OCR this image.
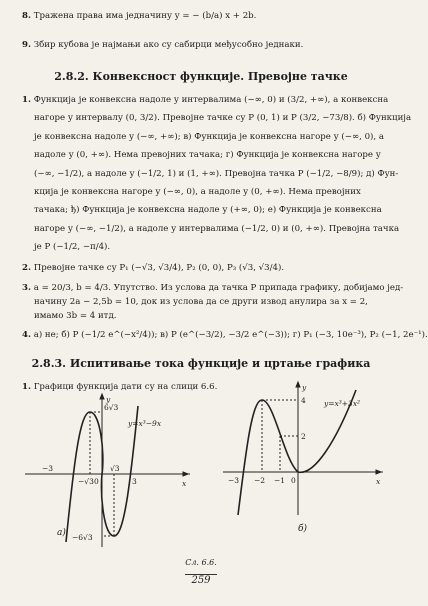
8. Тражена права има једначину y = − (b/a) x + 2b.
9. Збир кубова је најмањи ако су сабирци међусобно једнаки.
2.8.2. Конвексност функције. Превојне тачке
1. Функција је конвексна надоле у интервалима (−∞, 0) и (3/2, +∞), а конвексна
нагоре у интервалу (0, 3/2). Превојне тачке су P (0, 1) и P (3/2, −73/8). б) Функција
је конвексна надоле у (−∞, +∞); в) Функција је конвексна нагоре у (−∞, 0), а
надоле у (0, +∞). Нема превојних тачака; г) Функција је конвексна нагоре у
(−∞, −1/2), а надоле у (−1/2, 1) и (1, +∞). Превојна тачка P (−1/2, −8/9); д) Фун-
кција је конвексна нагоре у (−∞, 0), а надоле у (0, +∞). Нема превојних
тачака; ђ) Функција је конвексна надоле у (+∞, 0); е) Функција је конвексна
нагоре у (−∞, −1/2), а надоле у интервалима (−1/2, 0) и (0, +∞). Превојна тачка
је P (−1/2, −π/4).
2. Превојне тачке су P₁ (−√3, √3/4), P₂ (0, 0), P₃ (√3, √3/4).
3. a = 20/3, b = 4/3. Упутство. Из услова да тачка P припада графику, добијамо јед-
начину 2a − 2,5b = 10, док из услова да се други извод анулира за x = 2,
имамо 3b = 4 итд.
4. а) не; б) P (−1/2 e^(−x²/4)); в) P (e^(−3/2), −3/2 e^(−3)); г) P₁ (−3, 10e⁻³), P₂ (−1, 2e⁻¹).
2.8.3. Испитивање тока функције и цртање графика
1. Графици функција дати су на слици 6.6.
y
x
6√3
−6√3
−3
−√3 0
√3
3
y=x³−9x
а)
y
x
4
2
−3 −2 −1 0
y=x³+3x²
б)
Сл. 6.6.
259
